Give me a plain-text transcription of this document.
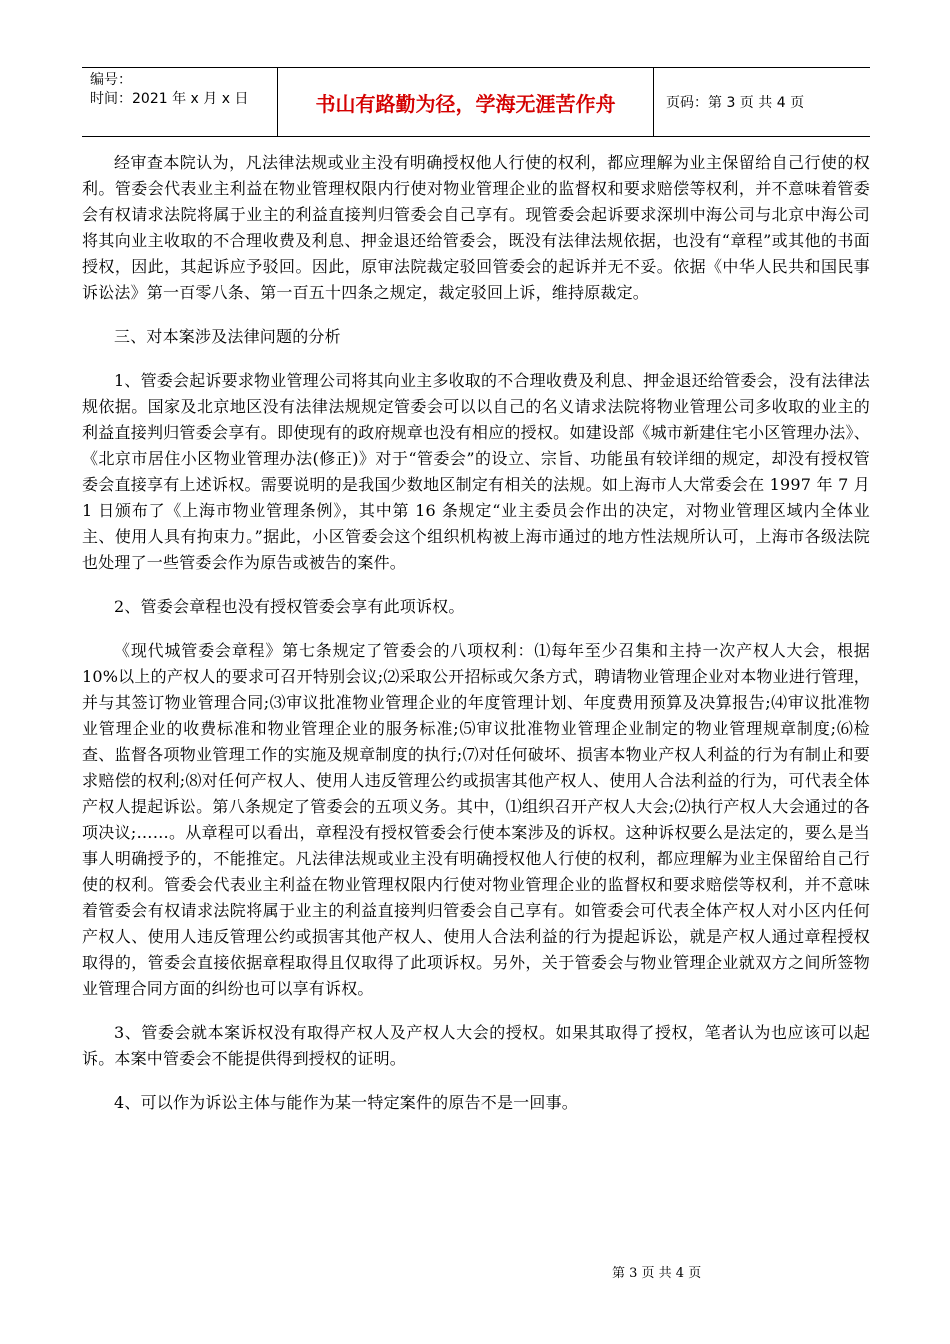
编号：
时间：2021 年 x 月 x 日	书山有路勤为径，学海无涯苦作舟	页码：第 3 页 共 4 页

经审查本院认为，凡法律法规或业主没有明确授权他人行使的权利，都应理解为业主保留给自己行使的权利。管委会代表业主利益在物业管理权限内行使对物业管理企业的监督权和要求赔偿等权利，并不意味着管委会有权请求法院将属于业主的利益直接判归管委会自己享有。现管委会起诉要求深圳中海公司与北京中海公司将其向业主收取的不合理收费及利息、押金退还给管委会，既没有法律法规依据，也没有“章程”或其他的书面授权，因此，其起诉应予驳回。因此，原审法院裁定驳回管委会的起诉并无不妥。依据《中华人民共和国民事诉讼法》第一百零八条、第一百五十四条之规定，裁定驳回上诉，维持原裁定。

三、对本案涉及法律问题的分析

1、管委会起诉要求物业管理公司将其向业主多收取的不合理收费及利息、押金退还给管委会，没有法律法规依据。国家及北京地区没有法律法规规定管委会可以以自己的名义请求法院将物业管理公司多收取的业主的利益直接判归管委会享有。即使现有的政府规章也没有相应的授权。如建设部《城市新建住宅小区管理办法》、《北京市居住小区物业管理办法(修正)》对于“管委会”的设立、宗旨、功能虽有较详细的规定，却没有授权管委会直接享有上述诉权。需要说明的是我国少数地区制定有相关的法规。如上海市人大常委会在 1997 年 7 月 1 日颁布了《上海市物业管理条例》，其中第 16 条规定“业主委员会作出的决定，对物业管理区域内全体业主、使用人具有拘束力。”据此，小区管委会这个组织机构被上海市通过的地方性法规所认可，上海市各级法院也处理了一些管委会作为原告或被告的案件。

2、管委会章程也没有授权管委会享有此项诉权。

《现代城管委会章程》第七条规定了管委会的八项权利：⑴每年至少召集和主持一次产权人大会，根据 10%以上的产权人的要求可召开特别会议;⑵采取公开招标或欠条方式，聘请物业管理企业对本物业进行管理，并与其签订物业管理合同;⑶审议批准物业管理企业的年度管理计划、年度费用预算及决算报告;⑷审议批准物业管理企业的收费标准和物业管理企业的服务标准;⑸审议批准物业管理企业制定的物业管理规章制度;⑹检查、监督各项物业管理工作的实施及规章制度的执行;⑺对任何破坏、损害本物业产权人利益的行为有制止和要求赔偿的权利;⑻对任何产权人、使用人违反管理公约或损害其他产权人、使用人合法利益的行为，可代表全体产权人提起诉讼。第八条规定了管委会的五项义务。其中，⑴组织召开产权人大会;⑵执行产权人大会通过的各项决议;……。从章程可以看出，章程没有授权管委会行使本案涉及的诉权。这种诉权要么是法定的，要么是当事人明确授予的，不能推定。凡法律法规或业主没有明确授权他人行使的权利，都应理解为业主保留给自己行使的权利。管委会代表业主利益在物业管理权限内行使对物业管理企业的监督权和要求赔偿等权利，并不意味着管委会有权请求法院将属于业主的利益直接判归管委会自己享有。如管委会可代表全体产权人对小区内任何产权人、使用人违反管理公约或损害其他产权人、使用人合法利益的行为提起诉讼，就是产权人通过章程授权取得的，管委会直接依据章程取得且仅取得了此项诉权。另外，关于管委会与物业管理企业就双方之间所签物业管理合同方面的纠纷也可以享有诉权。

3、管委会就本案诉权没有取得产权人及产权人大会的授权。如果其取得了授权，笔者认为也应该可以起诉。本案中管委会不能提供得到授权的证明。

4、可以作为诉讼主体与能作为某一特定案件的原告不是一回事。

第 3 页 共 4 页
